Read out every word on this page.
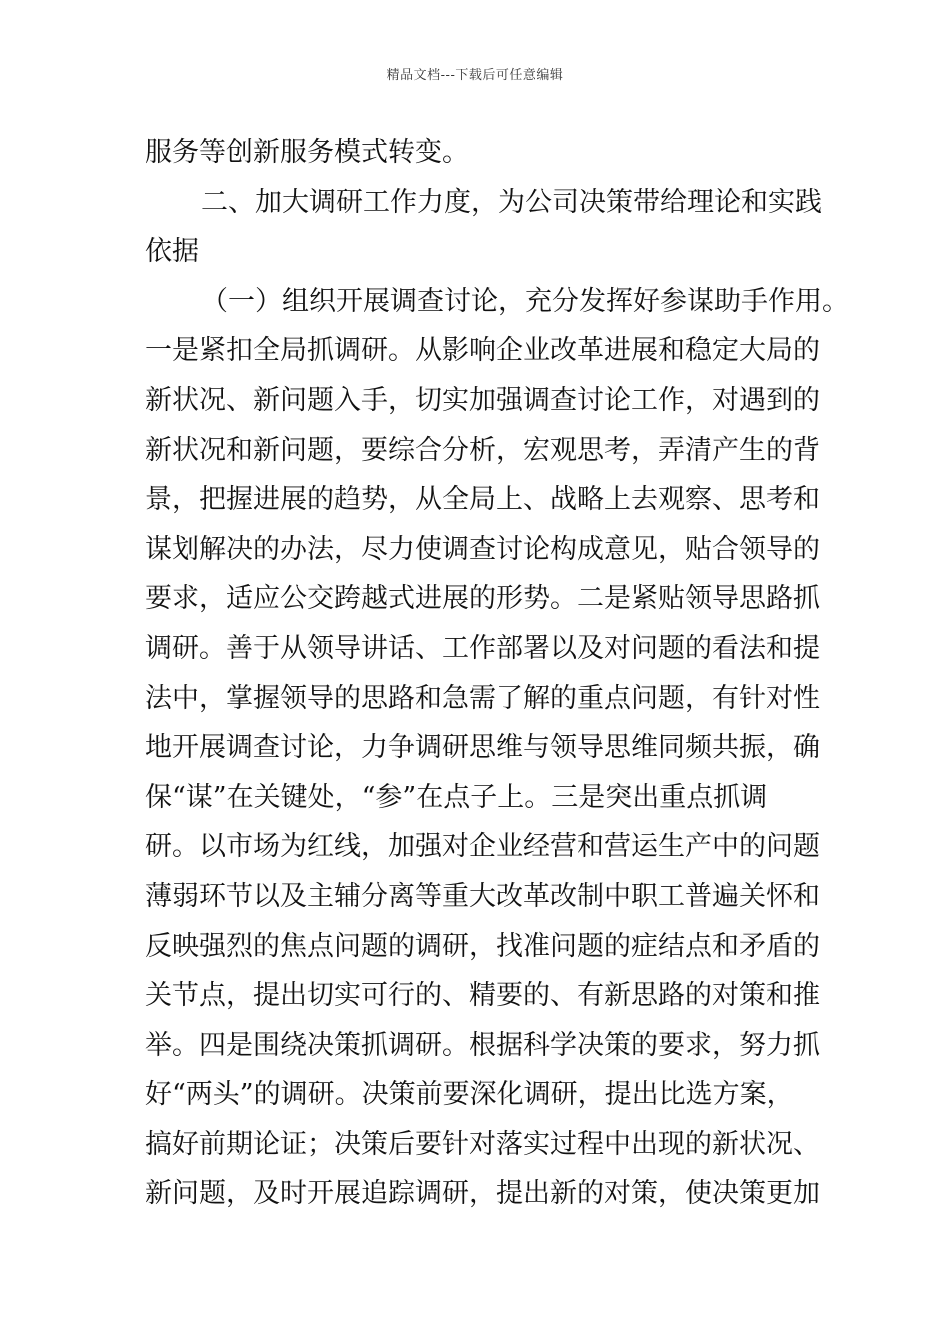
精品文档---下载后可任意编辑
服务等创新服务模式转变。
二、加大调研工作力度，为公司决策带给理论和实践
依据
（一）组织开展调查讨论，充分发挥好参谋助手作用。
一是紧扣全局抓调研。从影响企业改革进展和稳定大局的
新状况、新问题入手，切实加强调查讨论工作，对遇到的
新状况和新问题，要综合分析，宏观思考，弄清产生的背
景，把握进展的趋势，从全局上、战略上去观察、思考和
谋划解决的办法，尽力使调查讨论构成意见，贴合领导的
要求，适应公交跨越式进展的形势。二是紧贴领导思路抓
调研。善于从领导讲话、工作部署以及对问题的看法和提
法中，掌握领导的思路和急需了解的重点问题，有针对性
地开展调查讨论，力争调研思维与领导思维同频共振，确
保“谋”在关键处，“参”在点子上。三是突出重点抓调
研。以市场为红线，加强对企业经营和营运生产中的问题
薄弱环节以及主辅分离等重大改革改制中职工普遍关怀和
反映强烈的焦点问题的调研，找准问题的症结点和矛盾的
关节点，提出切实可行的、精要的、有新思路的对策和推
举。四是围绕决策抓调研。根据科学决策的要求，努力抓
好“两头”的调研。决策前要深化调研，提出比选方案，
搞好前期论证；决策后要针对落实过程中出现的新状况、
新问题，及时开展追踪调研，提出新的对策，使决策更加
